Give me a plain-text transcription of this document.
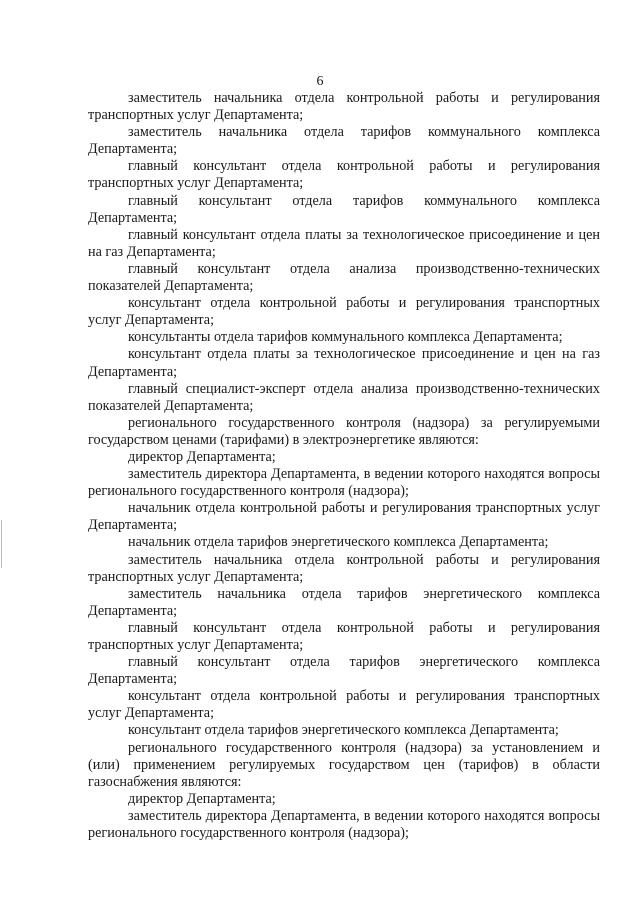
6

заместитель начальника отдела контрольной работы и регулирования транспортных услуг Департамента;

заместитель начальника отдела тарифов коммунального комплекса Департамента;

главный консультант отдела контрольной работы и регулирования транспортных услуг Департамента;

главный консультант отдела тарифов коммунального комплекса Департамента;

главный консультант отдела платы за технологическое присоединение и цен на газ Департамента;

главный консультант отдела анализа производственно-технических показателей Департамента;

консультант отдела контрольной работы и регулирования транспортных услуг Департамента;

консультанты отдела тарифов коммунального комплекса Департамента;

консультант отдела платы за технологическое присоединение и цен на газ Департамента;

главный специалист-эксперт отдела анализа производственно-технических показателей Департамента;

регионального государственного контроля (надзора) за регулируемыми государством ценами (тарифами) в электроэнергетике являются:

директор Департамента;

заместитель директора Департамента, в ведении которого находятся вопросы регионального государственного контроля (надзора);

начальник отдела контрольной работы и регулирования транспортных услуг Департамента;

начальник отдела тарифов энергетического комплекса Департамента;

заместитель начальника отдела контрольной работы и регулирования транспортных услуг Департамента;

заместитель начальника отдела тарифов энергетического комплекса Департамента;

главный консультант отдела контрольной работы и регулирования транспортных услуг Департамента;

главный консультант отдела тарифов энергетического комплекса Департамента;

консультант отдела контрольной работы и регулирования транспортных услуг Департамента;

консультант отдела тарифов энергетического комплекса Департамента;

регионального государственного контроля (надзора) за установлением и (или) применением регулируемых государством цен (тарифов) в области газоснабжения являются:

директор Департамента;

заместитель директора Департамента, в ведении которого находятся вопросы регионального государственного контроля (надзора);
